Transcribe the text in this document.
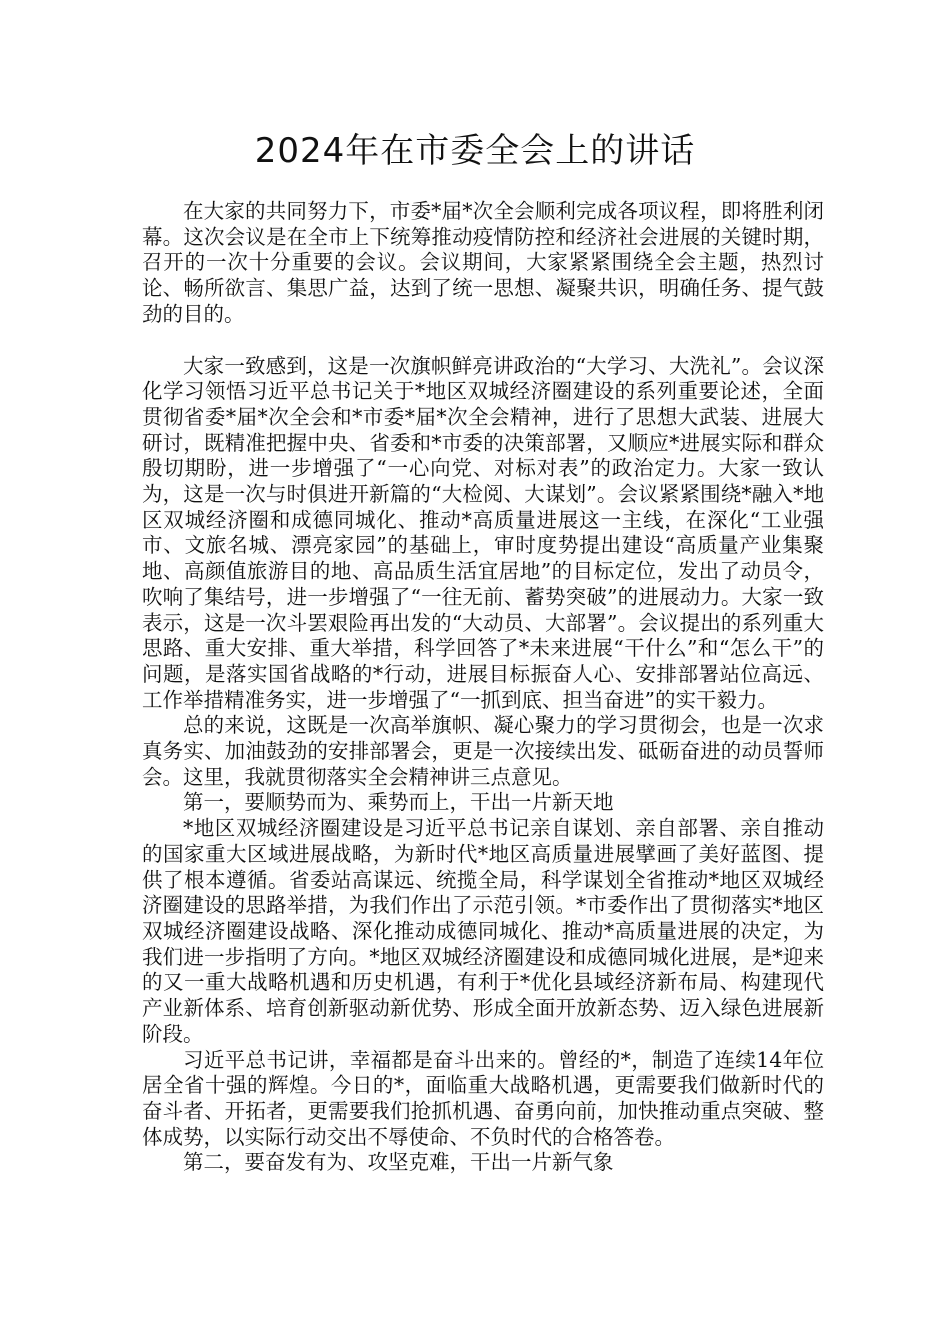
2024年在市委全会上的讲话

在大家的共同努力下，市委*届*次全会顺利完成各项议程，即将胜利闭幕。这次会议是在全市上下统筹推动疫情防控和经济社会进展的关键时期，召开的一次十分重要的会议。会议期间，大家紧紧围绕全会主题，热烈讨论、畅所欲言、集思广益，达到了统一思想、凝聚共识，明确任务、提气鼓劲的目的。

大家一致感到，这是一次旗帜鲜亮讲政治的“大学习、大洗礼”。会议深化学习领悟习近平总书记关于*地区双城经济圈建设的系列重要论述，全面贯彻省委*届*次全会和*市委*届*次全会精神，进行了思想大武装、进展大研讨，既精准把握中央、省委和*市委的决策部署，又顺应*进展实际和群众殷切期盼，进一步增强了“一心向党、对标对表”的政治定力。大家一致认为，这是一次与时俱进开新篇的“大检阅、大谋划”。会议紧紧围绕*融入*地区双城经济圈和成德同城化、推动*高质量进展这一主线，在深化“工业强市、文旅名城、漂亮家园”的基础上，审时度势提出建设“高质量产业集聚地、高颜值旅游目的地、高品质生活宜居地”的目标定位，发出了动员令，吹响了集结号，进一步增强了“一往无前、蓄势突破”的进展动力。大家一致表示，这是一次斗罢艰险再出发的“大动员、大部署”。会议提出的系列重大思路、重大安排、重大举措，科学回答了*未来进展“干什么”和“怎么干”的问题，是落实国省战略的*行动，进展目标振奋人心、安排部署站位高远、工作举措精准务实，进一步增强了“一抓到底、担当奋进”的实干毅力。

总的来说，这既是一次高举旗帜、凝心聚力的学习贯彻会，也是一次求真务实、加油鼓劲的安排部署会，更是一次接续出发、砥砺奋进的动员誓师会。这里，我就贯彻落实全会精神讲三点意见。

第一，要顺势而为、乘势而上，干出一片新天地

*地区双城经济圈建设是习近平总书记亲自谋划、亲自部署、亲自推动的国家重大区域进展战略，为新时代*地区高质量进展擘画了美好蓝图、提供了根本遵循。省委站高谋远、统揽全局，科学谋划全省推动*地区双城经济圈建设的思路举措，为我们作出了示范引领。*市委作出了贯彻落实*地区双城经济圈建设战略、深化推动成德同城化、推动*高质量进展的决定，为我们进一步指明了方向。*地区双城经济圈建设和成德同城化进展，是*迎来的又一重大战略机遇和历史机遇，有利于*优化县域经济新布局、构建现代产业新体系、培育创新驱动新优势、形成全面开放新态势、迈入绿色进展新阶段。

习近平总书记讲，幸福都是奋斗出来的。曾经的*，制造了连续14年位居全省十强的辉煌。今日的*，面临重大战略机遇，更需要我们做新时代的奋斗者、开拓者，更需要我们抢抓机遇、奋勇向前，加快推动重点突破、整体成势，以实际行动交出不辱使命、不负时代的合格答卷。

第二，要奋发有为、攻坚克难，干出一片新气象
